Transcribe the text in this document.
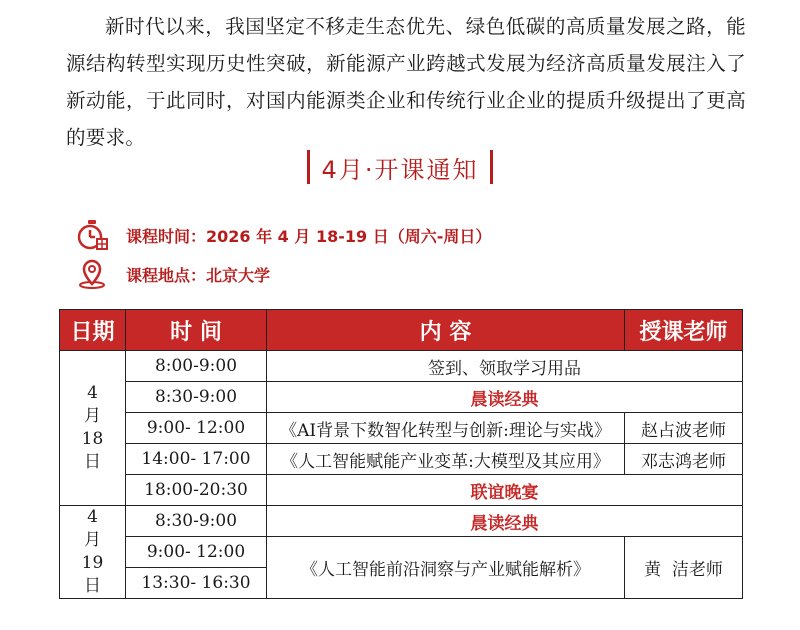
新时代以来，我国坚定不移走生态优先、绿色低碳的高质量发展之路，能源结构转型实现历史性突破，新能源产业跨越式发展为经济高质量发展注入了新动能，于此同时，对国内能源类企业和传统行业企业的提质升级提出了更高的要求。
4月·开课通知
课程时间：2026 年 4 月 18-19 日（周六-周日）
课程地点：北京大学
日期	时 间	内 容	授课老师

4
月
18
日	8:00-9:00	签到、领取学习用品	
	8:30-9:00	晨读经典	
	9:00- 12:00	《AI背景下数智化转型与创新:理论与实战》	赵占波老师
	14:00- 17:00	《人工智能赋能产业变革:大模型及其应用》	邓志鸿老师
	18:00-20:30	联谊晚宴	

4
月
19
日	8:30-9:00	晨读经典	
	9:00- 12:00	《人工智能前沿洞察与产业赋能解析》	黄  洁老师
	13:30- 16:30		
